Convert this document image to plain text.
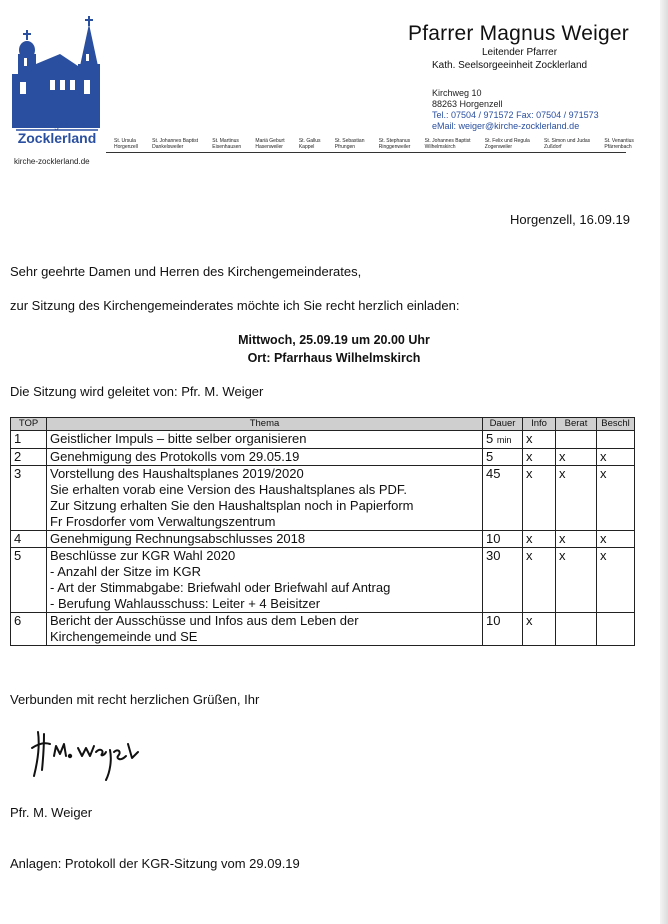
Seelsorgeeinheit
Zocklerland
kirche-zocklerland.de
Pfarrer Magnus Weiger
Leitender Pfarrer
Kath. Seelsorgeeinheit Zocklerland
Kirchweg 10
88263 Horgenzell
Tel.: 07504 / 971572 Fax: 07504 / 971573
eMail: weiger@kirche-zocklerland.de
St. Ursula
Horgenzell
St. Johannes Baptist
Dankelsweiler
St. Martinus
Eisenhausen
Mariä Geburt
Hasenweiler
St. Gallus
Kappel
St. Sebastian
Pfrungen
St. Stephanus
Ringgenweiler
St. Johannes Baptist
Wilhelmskirch
St. Felix und Regula
Zogenweiler
St. Simon und Judas
Zußdorf
St. Venantius
Pfärrenbach
Horgenzell, 16.09.19
Sehr geehrte Damen und Herren des Kirchengemeinderates,
zur Sitzung des Kirchengemeinderates möchte ich Sie recht herzlich einladen:
Mittwoch, 25.09.19 um 20.00 Uhr
Ort: Pfarrhaus Wilhelmskirch
Die Sitzung wird geleitet von: Pfr. M. Weiger
TOP	Thema	Dauer	Info	Berat	Beschl
1	Geistlicher Impuls – bitte selber organisieren	5 min	x		
2	Genehmigung des Protokolls vom 29.05.19	5	x	x	x
3	Vorstellung des Haushaltsplanes 2019/2020
Sie erhalten vorab eine Version des Haushaltsplanes als PDF.
Zur Sitzung erhalten Sie den Haushaltsplan noch in Papierform
Fr Frosdorfer vom Verwaltungszentrum	45	x	x	x
4	Genehmigung Rechnungsabschlusses 2018	10	x	x	x
5	Beschlüsse zur KGR Wahl 2020
- Anzahl der Sitze im KGR
- Art der Stimmabgabe: Briefwahl oder Briefwahl auf Antrag
- Berufung Wahlausschuss: Leiter + 4 Beisitzer	30	x	x	x
6	Bericht der Ausschüsse und Infos aus dem Leben der
Kirchengemeinde und SE	10	x		
Verbunden mit recht herzlichen Grüßen, Ihr
Pfr. M. Weiger
Anlagen: Protokoll der KGR-Sitzung vom 29.09.19
